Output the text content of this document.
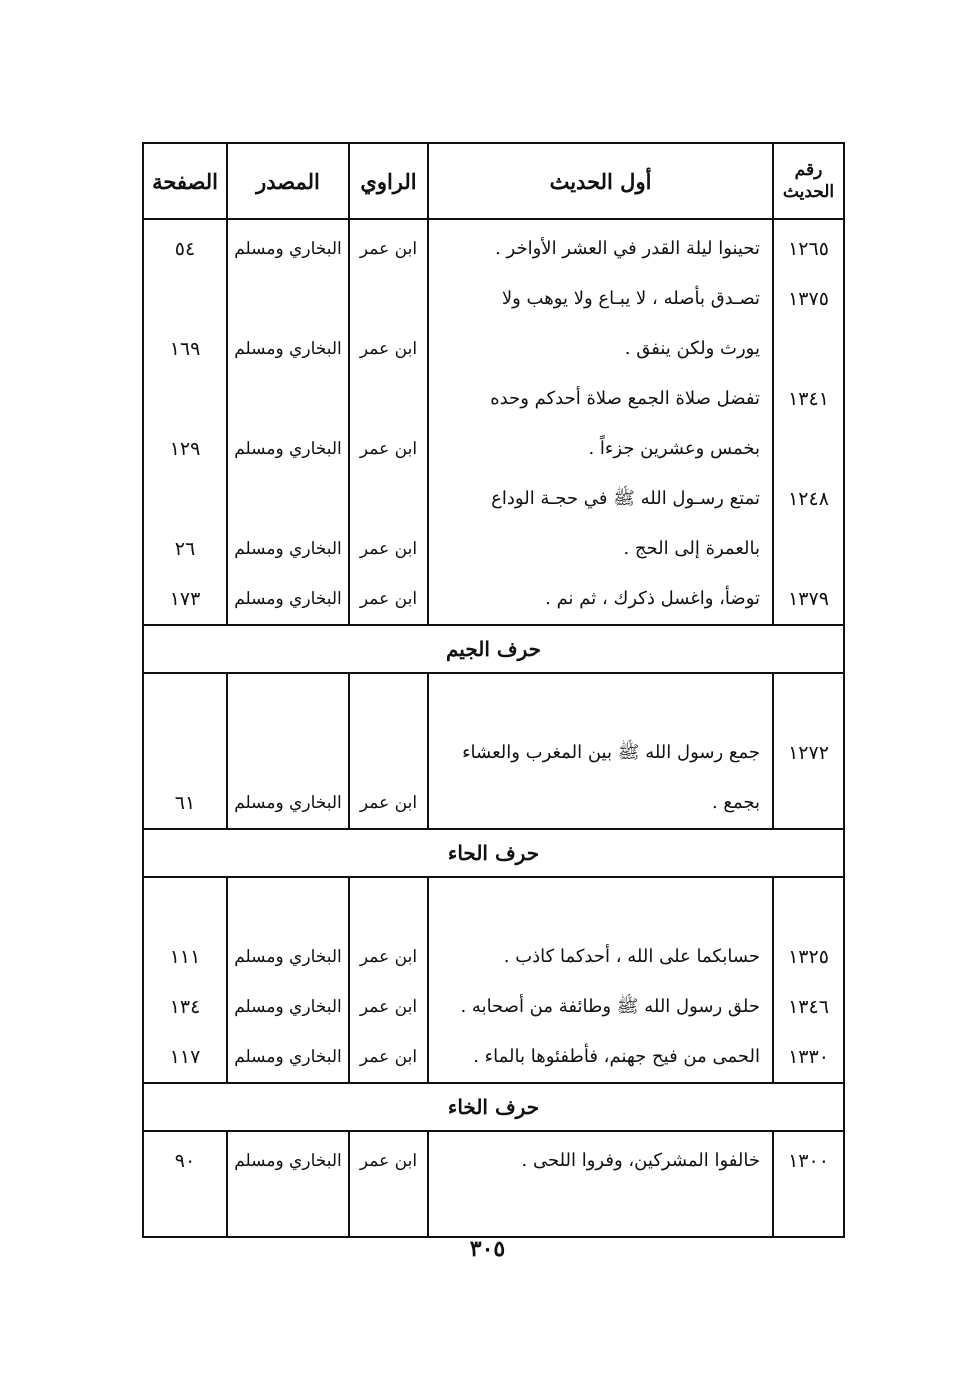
رقم
الحديث
أول الحديث
الراوي
المصدر
الصفحة
١٢٦٥
١٣٧٥
١٣٤١
١٢٤٨
١٣٧٩
تحينوا ليلة القدر في العشر الأواخر .
تصـدق بأصله ، لا يبـاع ولا يوهب ولا
يورث ولكن ينفق .
تفضل صلاة الجمع صلاة أحدكم وحده
بخمس وعشرين جزءاً .
تمتع رسـول الله ﷺ في حجـة الوداع
بالعمرة إلى الحج .
توضأ، واغسل ذكرك ، ثم نم .
ابن عمر
ابن عمر
ابن عمر
ابن عمر
ابن عمر
البخاري ومسلم
البخاري ومسلم
البخاري ومسلم
البخاري ومسلم
البخاري ومسلم
٥٤
١٦٩
١٢٩
٢٦
١٧٣
حرف الجيم
١٢٧٢
جمع رسول الله ﷺ بين المغرب والعشاء
بجمع .
ابن عمر
البخاري ومسلم
٦١
حرف الحاء
١٣٢٥
١٣٤٦
١٣٣٠
حسابكما على الله ، أحدكما كاذب .
حلق رسول الله ﷺ وطائفة من أصحابه .
الحمى من فيح جهنم، فأطفئوها بالماء .
ابن عمر
ابن عمر
ابن عمر
البخاري ومسلم
البخاري ومسلم
البخاري ومسلم
١١١
١٣٤
١١٧
حرف الخاء
١٣٠٠
خالفوا المشركين، وفروا اللحى .
ابن عمر
البخاري ومسلم
٩٠
٣٠٥
